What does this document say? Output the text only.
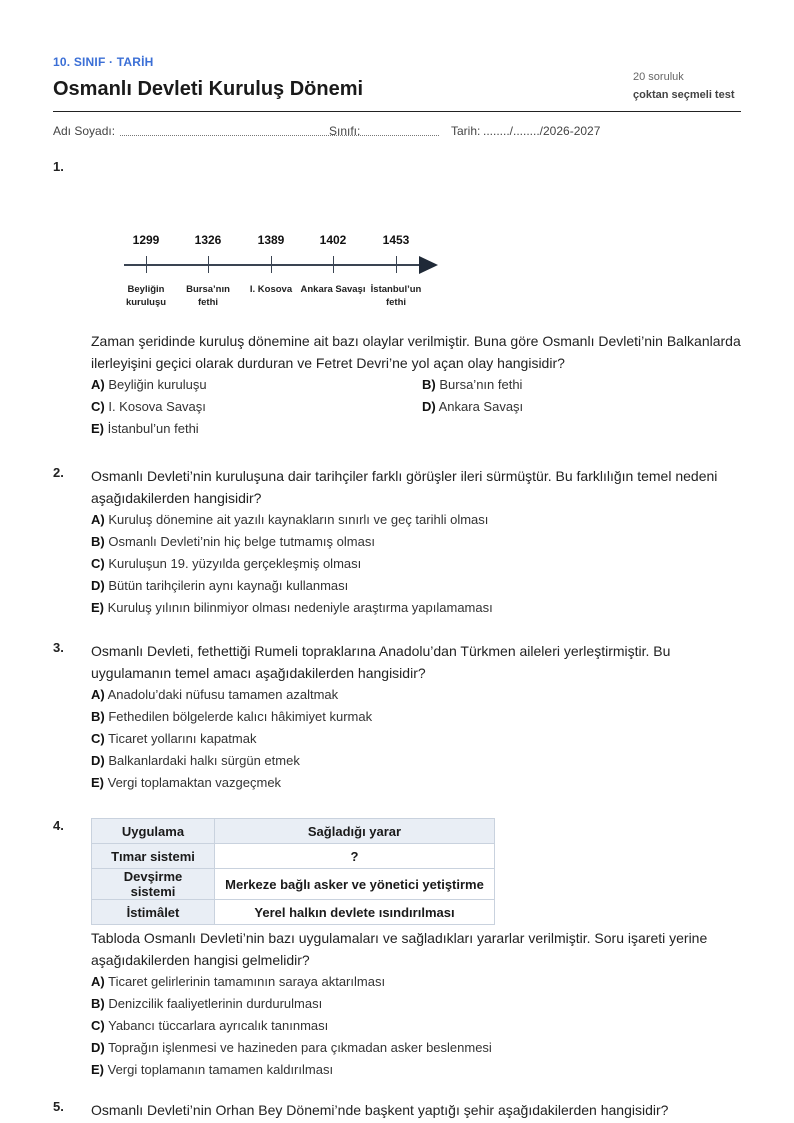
10. SINIF · TARİH
Osmanlı Devleti Kuruluş Dönemi
20 soruluk
çoktan seçmeli test
Adı Soyadı:	Sınıfı:	Tarih: ......../......../2026-2027
1.
1299	1326	1389	1402	1453
Beyliğin
kuruluşu
Bursa’nın
fethi
I. Kosova Ankara Savaşı İstanbul’un
fethi
Zaman şeridinde kuruluş dönemine ait bazı olaylar verilmiştir. Buna göre Osmanlı Devleti’nin Balkanlarda ilerleyişini geçici olarak durduran ve Fetret Devri’ne yol açan olay hangisidir?
A) Beyliğin kuruluşu	B) Bursa’nın fethi
C) I. Kosova Savaşı	D) Ankara Savaşı
E) İstanbul’un fethi
2. Osmanlı Devleti’nin kuruluşuna dair tarihçiler farklı görüşler ileri sürmüştür. Bu farklılığın temel nedeni aşağıdakilerden hangisidir?
A) Kuruluş dönemine ait yazılı kaynakların sınırlı ve geç tarihli olması
B) Osmanlı Devleti’nin hiç belge tutmamış olması
C) Kuruluşun 19. yüzyılda gerçekleşmiş olması
D) Bütün tarihçilerin aynı kaynağı kullanması
E) Kuruluş yılının bilinmiyor olması nedeniyle araştırma yapılamaması
3. Osmanlı Devleti, fethettiği Rumeli topraklarına Anadolu’dan Türkmen aileleri yerleştirmiştir. Bu uygulamanın temel amacı aşağıdakilerden hangisidir?
A) Anadolu’daki nüfusu tamamen azaltmak
B) Fethedilen bölgelerde kalıcı hâkimiyet kurmak
C) Ticaret yollarını kapatmak
D) Balkanlardaki halkı sürgün etmek
E) Vergi toplamaktan vazgeçmek
4.	Uygulama	Sağladığı yarar
Tımar sistemi	?
Devşirme sistemi	Merkeze bağlı asker ve yönetici yetiştirme
İstimâlet	Yerel halkın devlete ısındırılması
Tabloda Osmanlı Devleti’nin bazı uygulamaları ve sağladıkları yararlar verilmiştir. Soru işareti yerine aşağıdakilerden hangisi gelmelidir?
A) Ticaret gelirlerinin tamamının saraya aktarılması
B) Denizcilik faaliyetlerinin durdurulması
C) Yabancı tüccarlara ayrıcalık tanınması
D) Toprağın işlenmesi ve hazineden para çıkmadan asker beslenmesi
E) Vergi toplamanın tamamen kaldırılması
5. Osmanlı Devleti’nin Orhan Bey Dönemi’nde başkent yaptığı şehir aşağıdakilerden hangisidir?
